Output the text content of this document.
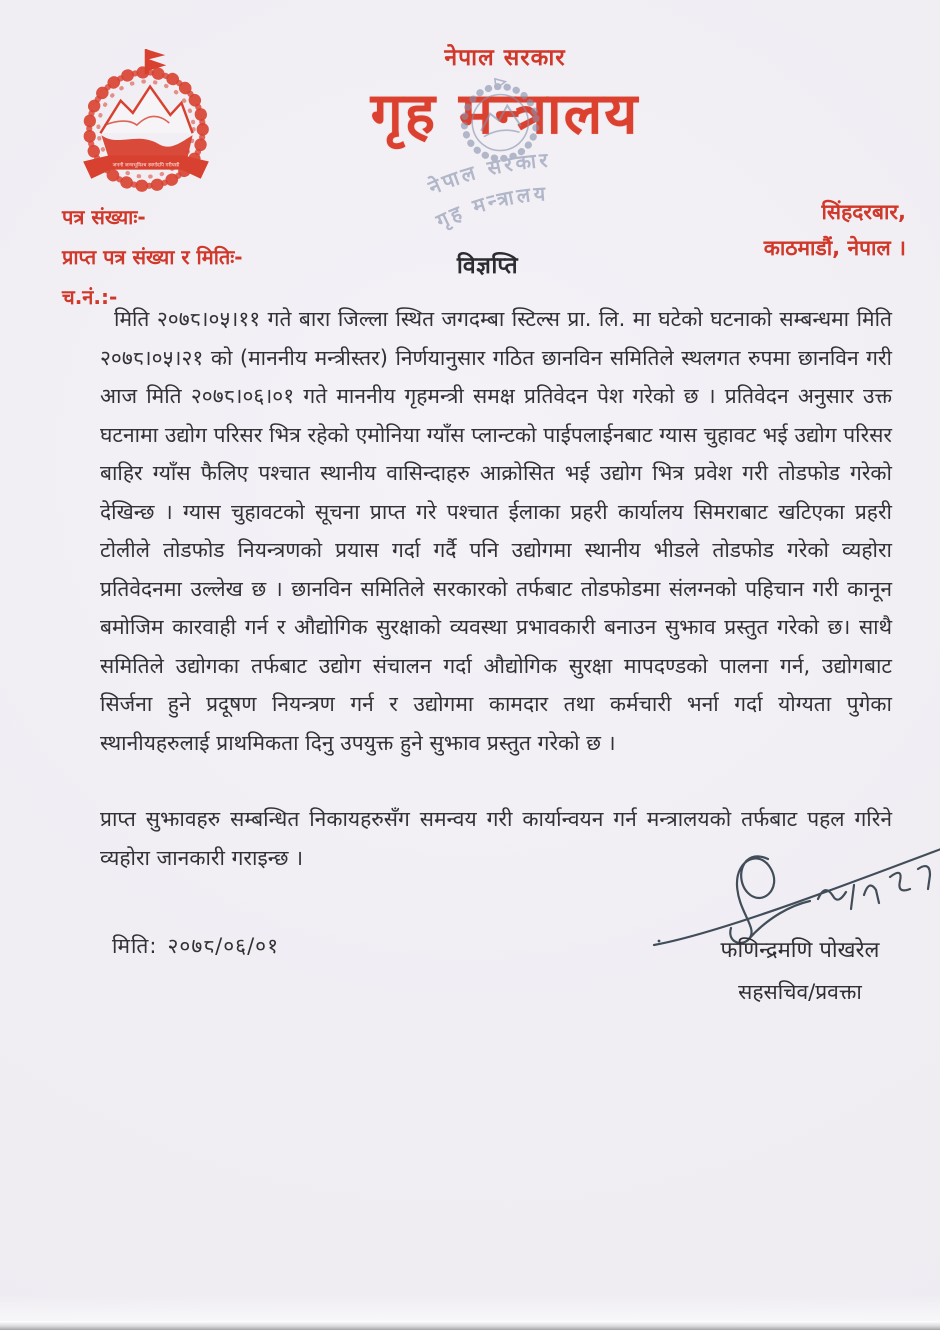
जननी जन्मभूमिश्च स्वर्गादपि गरीयसी
नेपाल सरकार
गृह मन्त्रालय
नेपाल सरकार
गृह मन्त्रालय
पत्र संख्याः-
प्राप्त पत्र संख्या र मितिः-
च.नं.:-
सिंहदरबार,
काठमाडौं, नेपाल ।
विज्ञप्ति

मिति २०७८।०५।११ गते बारा जिल्ला स्थित जगदम्बा स्टिल्स प्रा. लि. मा घटेको घटनाको सम्बन्धमा मिति २०७८।०५।२१ को (माननीय मन्त्रीस्तर) निर्णयानुसार गठित छानविन समितिले स्थलगत रुपमा छानविन गरी आज मिति २०७८।०६।०१ गते माननीय गृहमन्त्री समक्ष प्रतिवेदन पेश गरेको छ । प्रतिवेदन अनुसार उक्त घटनामा उद्योग परिसर भित्र रहेको एमोनिया ग्याँस प्लान्टको पाईपलाईनबाट ग्यास चुहावट भई उद्योग परिसर बाहिर ग्याँस फैलिए पश्चात स्थानीय वासिन्दाहरु आक्रोसित भई उद्योग भित्र प्रवेश गरी तोडफोड गरेको देखिन्छ । ग्यास चुहावटको सूचना प्राप्त गरे पश्चात ईलाका प्रहरी कार्यालय सिमराबाट खटिएका प्रहरी टोलीले तोडफोड नियन्त्रणको प्रयास गर्दा गर्दै पनि उद्योगमा स्थानीय भीडले तोडफोड गरेको व्यहोरा प्रतिवेदनमा उल्लेख छ । छानविन समितिले सरकारको तर्फबाट तोडफोडमा संलग्नको पहिचान गरी कानून बमोजिम कारवाही गर्न र औद्योगिक सुरक्षाको व्यवस्था प्रभावकारी बनाउन सुझाव प्रस्तुत गरेको छ। साथै समितिले उद्योगका तर्फबाट उद्योग संचालन गर्दा औद्योगिक सुरक्षा मापदण्डको पालना गर्न, उद्योगबाट सिर्जना हुने प्रदूषण नियन्त्रण गर्न र उद्योगमा कामदार तथा कर्मचारी भर्ना गर्दा योग्यता पुगेका स्थानीयहरुलाई प्राथमिकता दिनु उपयुक्त हुने सुझाव प्रस्तुत गरेको छ ।

प्राप्त सुझावहरु सम्बन्धित निकायहरुसँग समन्वय गरी कार्यान्वयन गर्न मन्त्रालयको तर्फबाट पहल गरिने व्यहोरा जानकारी गराइन्छ ।

मिति: २०७८/०६/०१	फणिन्द्रमणि पोखरेल
सहसचिव/प्रवक्ता
